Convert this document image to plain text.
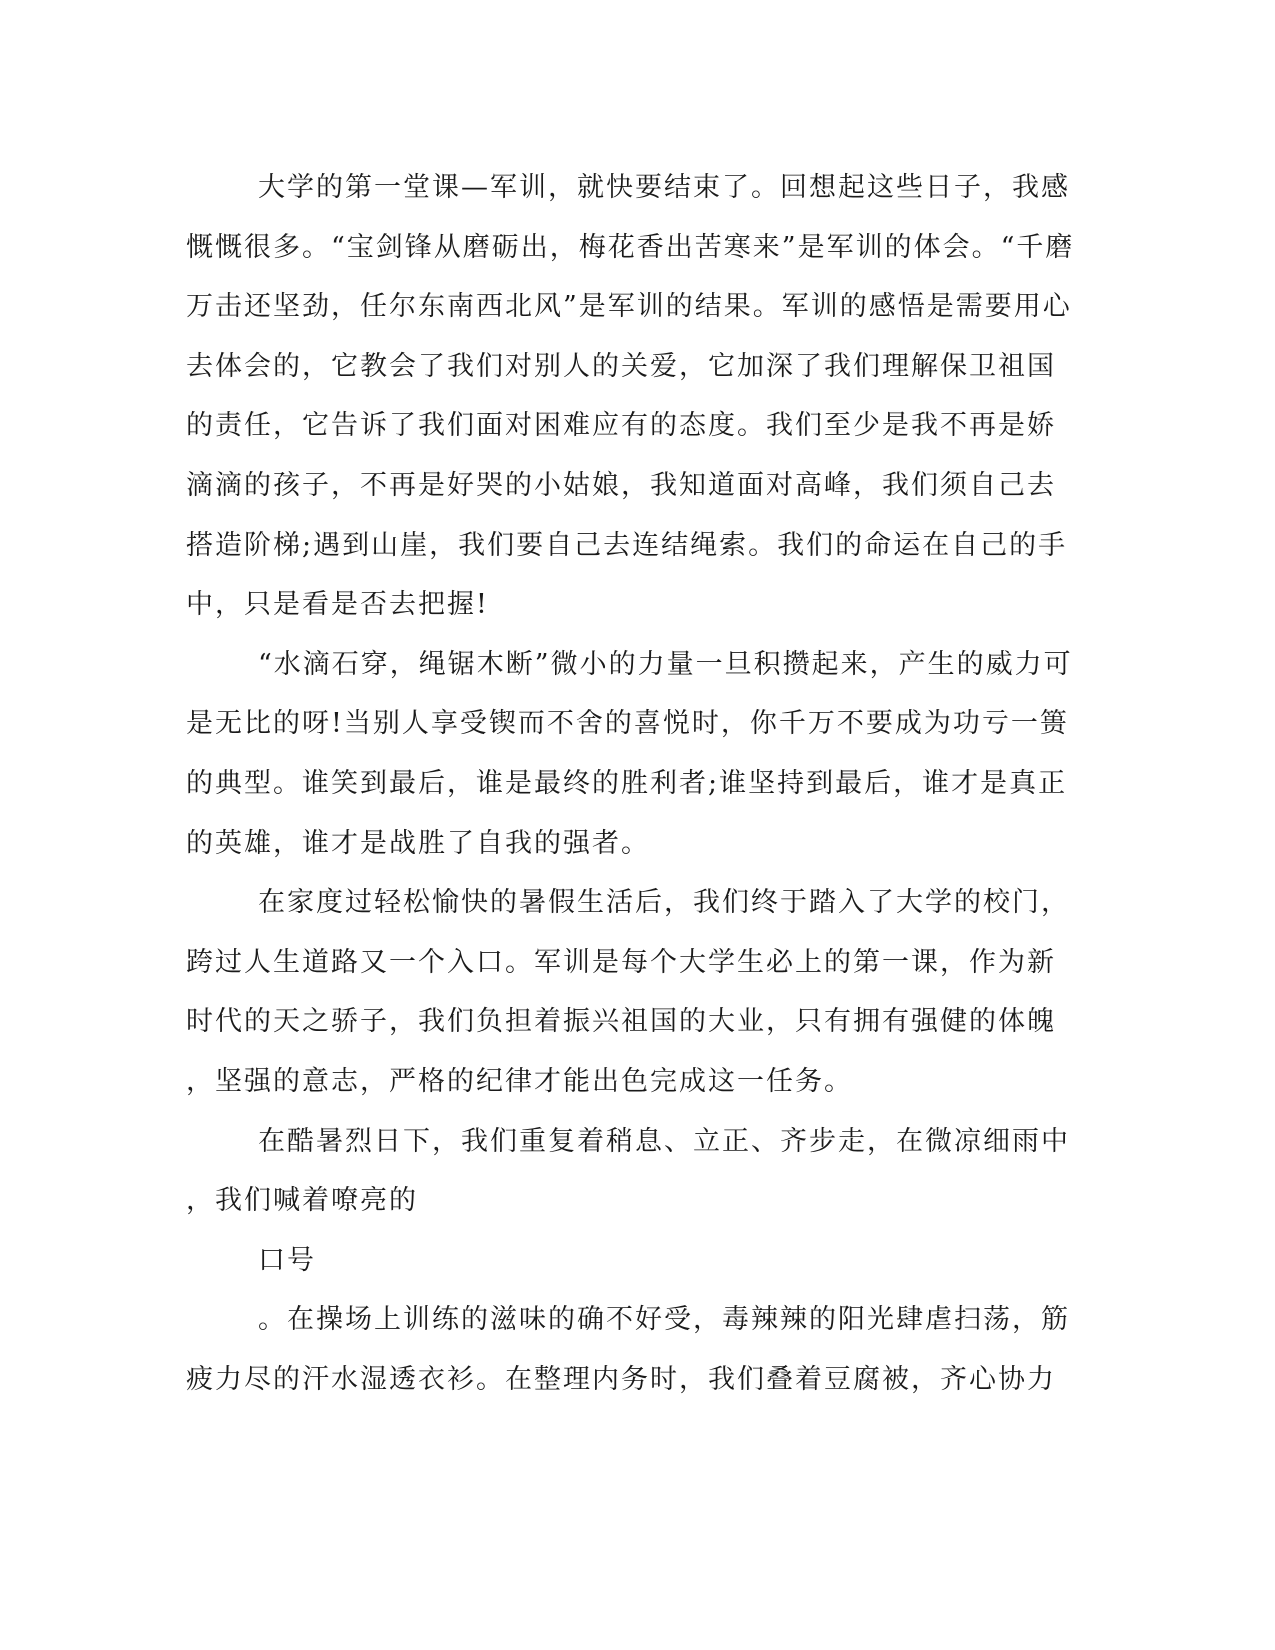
大学的第一堂课—军训，就快要结束了。回想起这些日子，我感
慨慨很多。“宝剑锋从磨砺出，梅花香出苦寒来”是军训的体会。“千磨
万击还坚劲，任尔东南西北风”是军训的结果。军训的感悟是需要用心
去体会的，它教会了我们对别人的关爱，它加深了我们理解保卫祖国
的责任，它告诉了我们面对困难应有的态度。我们至少是我不再是娇
滴滴的孩子，不再是好哭的小姑娘，我知道面对高峰，我们须自己去
搭造阶梯;遇到山崖，我们要自己去连结绳索。我们的命运在自己的手
中，只是看是否去把握!
“水滴石穿，绳锯木断”微小的力量一旦积攒起来，产生的威力可
是无比的呀!当别人享受锲而不舍的喜悦时，你千万不要成为功亏一篑
的典型。谁笑到最后，谁是最终的胜利者;谁坚持到最后，谁才是真正
的英雄，谁才是战胜了自我的强者。
在家度过轻松愉快的暑假生活后，我们终于踏入了大学的校门，
跨过人生道路又一个入口。军训是每个大学生必上的第一课，作为新
时代的天之骄子，我们负担着振兴祖国的大业，只有拥有强健的体魄
，坚强的意志，严格的纪律才能出色完成这一任务。
在酷暑烈日下，我们重复着稍息、立正、齐步走，在微凉细雨中
，我们喊着嘹亮的
口号
。在操场上训练的滋味的确不好受，毒辣辣的阳光肆虐扫荡，筋
疲力尽的汗水湿透衣衫。在整理内务时，我们叠着豆腐被，齐心协力
